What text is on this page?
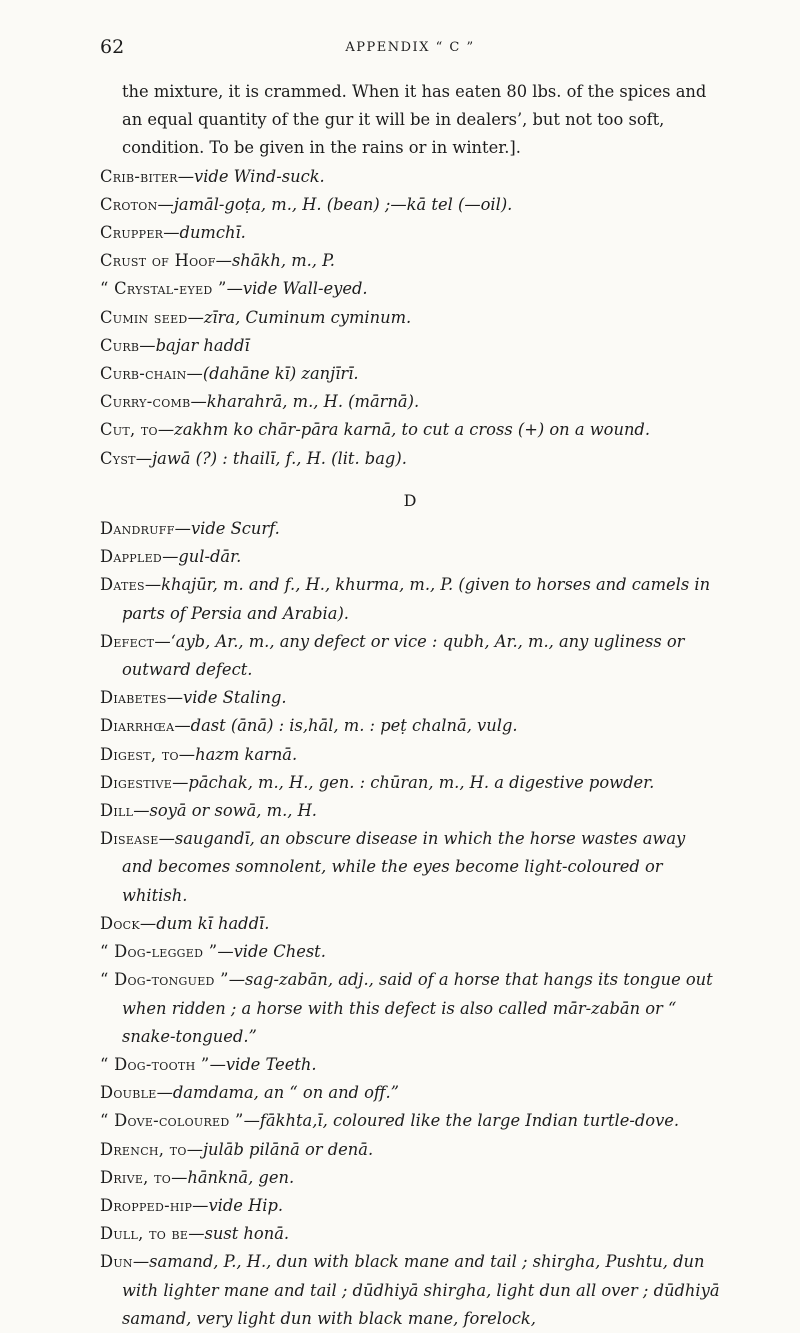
62	APPENDIX “ C ”

the mixture, it is crammed. When it has eaten 80 lbs. of the spices and an equal quantity of the gur it will be in dealers’, but not too soft, condition. To be given in the rains or in winter.].

Crib-biter—vide Wind-suck.

Croton—jamāl-goṭa, m., H. (bean) ;—kā tel (—oil).

Crupper—dumchī.

Crust of Hoof—shākh, m., P.

“ Crystal-eyed ”—vide Wall-eyed.

Cumin seed—zīra, Cuminum cyminum.

Curb—bajar haddī

Curb-chain—(dahāne kī) zanjīrī.

Curry-comb—kharahrā, m., H. (mārnā).

Cut, to—zakhm ko chār-pāra karnā, to cut a cross (+) on a wound.

Cyst—jawā (?) : thailī, f., H. (lit. bag).

D

Dandruff—vide Scurf.

Dappled—gul-dār.

Dates—khajūr, m. and f., H., khurma, m., P. (given to horses and camels in parts of Persia and Arabia).

Defect—‘ayb, Ar., m., any defect or vice : qubh, Ar., m., any ugliness or outward defect.

Diabetes—vide Staling.

Diarrhœa—dast (ānā) : is,hāl, m. : peṭ chalnā, vulg.

Digest, to—hazm karnā.

Digestive—pāchak, m., H., gen. : chūran, m., H. a digestive powder.

Dill—soyā or sowā, m., H.

Disease—saugandī, an obscure disease in which the horse wastes away and becomes somnolent, while the eyes become light-coloured or whitish.

Dock—dum kī haddī.

“ Dog-legged ”—vide Chest.

“ Dog-tongued ”—sag-zabān, adj., said of a horse that hangs its tongue out when ridden ; a horse with this defect is also called mār-zabān or “ snake-tongued.”

“ Dog-tooth ”—vide Teeth.

Double—damdama, an “ on and off.”

“ Dove-coloured ”—fākhta,ī, coloured like the large Indian turtle-dove.

Drench, to—julāb pilānā or denā.

Drive, to—hānknā, gen.

Dropped-hip—vide Hip.

Dull, to be—sust honā.

Dun—samand, P., H., dun with black mane and tail ; shirgha, Pushtu, dun with lighter mane and tail ; dūdhiyā shirgha, light dun all over ; dūdhiyā samand, very light dun with black mane, forelock,
